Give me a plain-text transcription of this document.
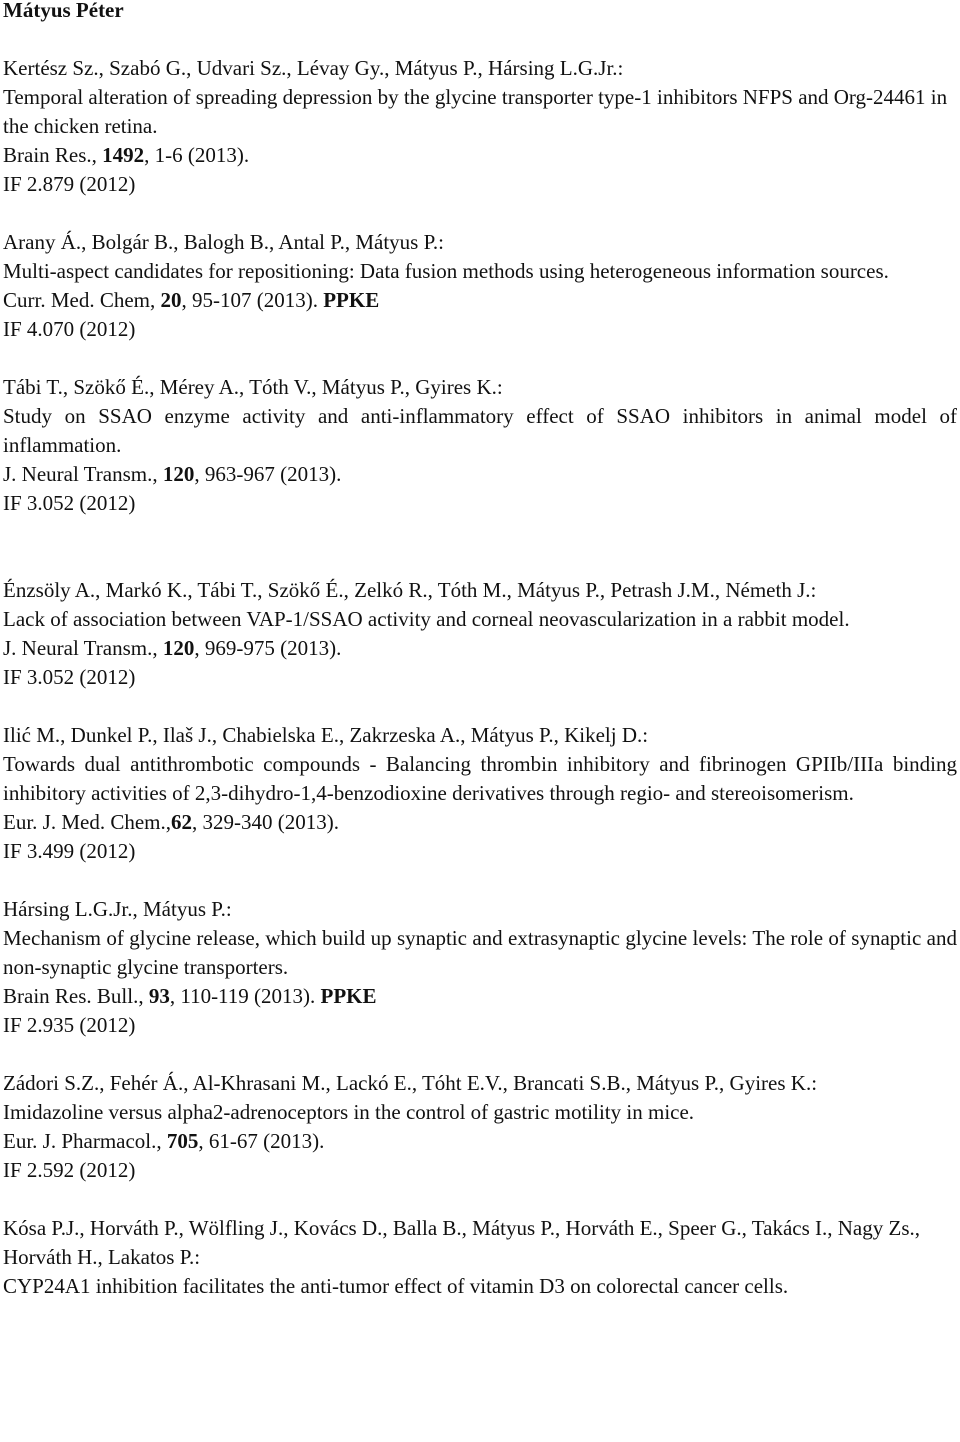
Mátyus Péter
Kertész Sz., Szabó G., Udvari Sz., Lévay Gy., Mátyus P., Hársing L.G.Jr.:
Temporal alteration of spreading depression by the glycine transporter type-1 inhibitors NFPS and Org-24461 in the chicken retina.
Brain Res., 1492, 1-6 (2013).
IF 2.879 (2012)
Arany Á., Bolgár B., Balogh B., Antal P., Mátyus P.:
Multi-aspect candidates for repositioning: Data fusion methods using heterogeneous information sources.
Curr. Med. Chem, 20, 95-107 (2013). PPKE
IF 4.070 (2012)
Tábi T., Szökő É., Mérey A., Tóth V., Mátyus P., Gyires K.:
Study on SSAO enzyme activity and anti-inflammatory effect of SSAO inhibitors in animal model of inflammation.
J. Neural Transm., 120, 963-967 (2013).
IF 3.052 (2012)
Énzsöly A., Markó K., Tábi T., Szökő É., Zelkó R., Tóth M., Mátyus P., Petrash J.M., Németh J.:
Lack of association between VAP-1/SSAO activity and corneal neovascularization in a rabbit model.
J. Neural Transm., 120, 969-975 (2013).
IF 3.052 (2012)
Ilić M., Dunkel P., Ilaš J., Chabielska E., Zakrzeska A., Mátyus P., Kikelj D.:
Towards dual antithrombotic compounds - Balancing thrombin inhibitory and fibrinogen GPIIb/IIIa binding inhibitory activities of 2,3-dihydro-1,4-benzodioxine derivatives through regio- and stereoisomerism.
Eur. J. Med. Chem.,62, 329-340 (2013).
IF 3.499 (2012)
Hársing L.G.Jr., Mátyus P.:
Mechanism of glycine release, which build up synaptic and extrasynaptic glycine levels: The role of synaptic and non-synaptic glycine transporters.
Brain Res. Bull., 93, 110-119 (2013). PPKE
IF 2.935 (2012)
Zádori S.Z., Fehér Á., Al-Khrasani M., Lackó E., Tóht E.V., Brancati S.B., Mátyus P., Gyires K.:
Imidazoline versus alpha2-adrenoceptors in the control of gastric motility in mice.
Eur. J. Pharmacol., 705, 61-67 (2013).
IF 2.592 (2012)
Kósa P.J., Horváth P., Wölfling J., Kovács D., Balla B., Mátyus P., Horváth E., Speer G., Takács I., Nagy Zs., Horváth H., Lakatos P.:
CYP24A1 inhibition facilitates the anti-tumor effect of vitamin D3 on colorectal cancer cells.
